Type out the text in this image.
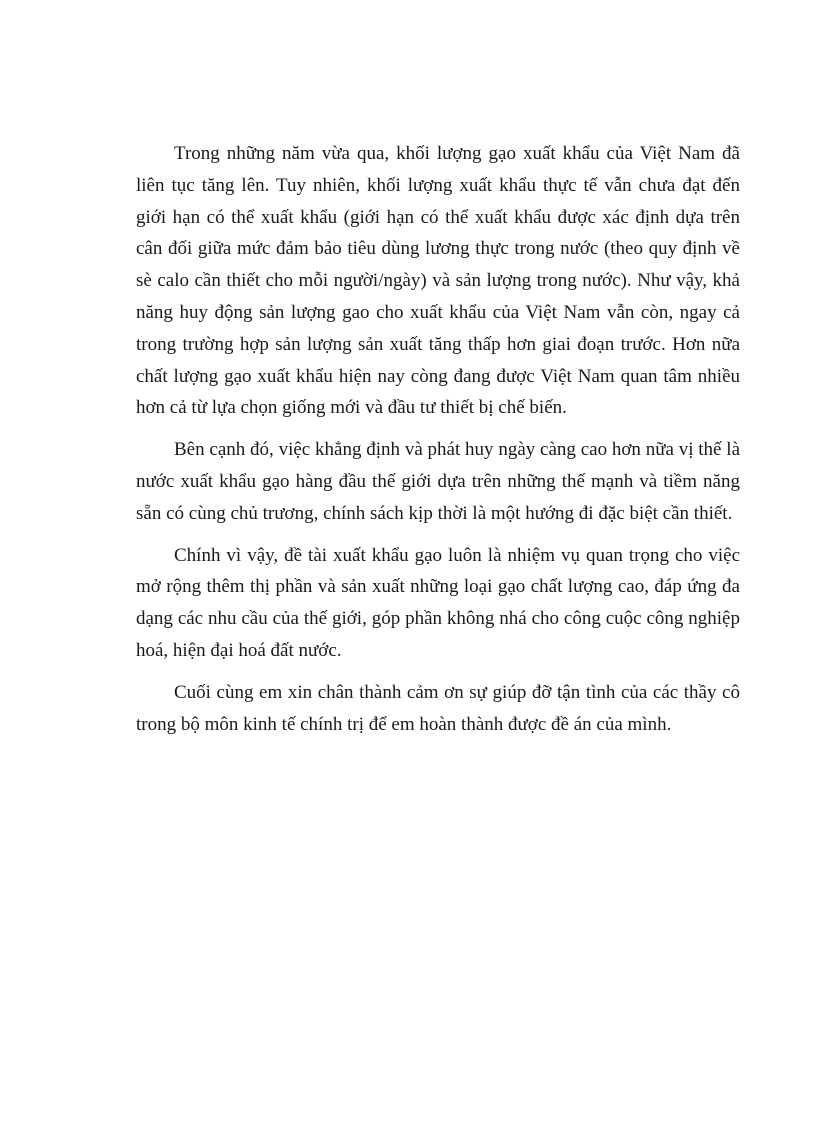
Trong những năm vừa qua, khối lượng gạo xuất khẩu của Việt Nam đã liên tục tăng lên. Tuy nhiên, khối lượng xuất khẩu thực tế vẫn chưa đạt đến giới hạn có thể xuất khẩu (giới hạn có thể xuất khẩu được xác định dựa trên cân đối giữa mức đảm bảo tiêu dùng lương thực trong nước (theo quy định về sè calo cần thiết cho mỗi người/ngày) và sản lượng trong nước). Như vậy, khả năng huy động sản lượng gao cho xuất khẩu của Việt Nam vẫn còn, ngay cả trong trường hợp sản lượng sản xuất tăng thấp hơn giai đoạn trước. Hơn nữa chất lượng gạo xuất khẩu hiện nay còng đang được Việt Nam quan tâm nhiều hơn cả từ lựa chọn giống mới và đầu tư thiết bị chế biến.

Bên cạnh đó, việc khẳng định và phát huy ngày càng cao hơn nữa vị thế là nước xuất khẩu gạo hàng đầu thế giới dựa trên những thế mạnh và tiềm năng sẵn có cùng chủ trương, chính sách kịp thời là một hướng đi đặc biệt cần thiết.

Chính vì vậy, đề tài xuất khẩu gạo luôn là nhiệm vụ quan trọng cho việc mở rộng thêm thị phần và sản xuất những loại gạo chất lượng cao, đáp ứng đa dạng các nhu cầu của thế giới, góp phần không nhá cho công cuộc công nghiệp hoá, hiện đại hoá đất nước.

Cuối cùng em xin chân thành cảm ơn sự giúp đỡ tận tình của các thầy cô trong bộ môn kinh tế chính trị để em hoàn thành được đề án của mình.
